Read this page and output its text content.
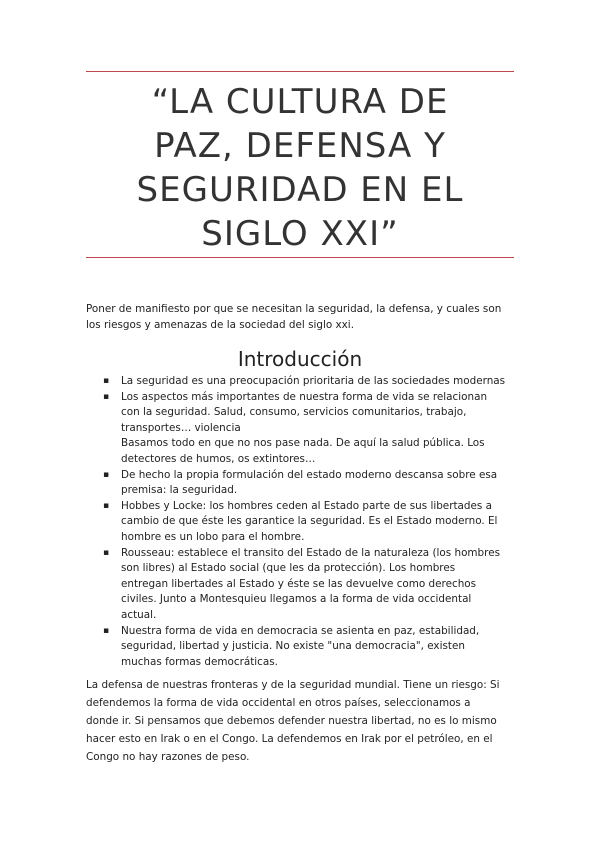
“LA CULTURA DE
PAZ, DEFENSA Y
SEGURIDAD EN EL
SIGLO XXI”

Poner de manifiesto por que se necesitan la seguridad, la defensa, y cuales son
los riesgos y amenazas de la sociedad del siglo xxi.

Introducción
▪ La seguridad es una preocupación prioritaria de las sociedades modernas
▪ Los aspectos más importantes de nuestra forma de vida se relacionan
con la seguridad. Salud, consumo, servicios comunitarios, trabajo,
transportes… violencia
Basamos todo en que no nos pase nada. De aquí la salud pública. Los
detectores de humos, os extintores…
▪ De hecho la propia formulación del estado moderno descansa sobre esa
premisa: la seguridad.
▪ Hobbes y Locke: los hombres ceden al Estado parte de sus libertades a
cambio de que éste les garantice la seguridad. Es el Estado moderno. El
hombre es un lobo para el hombre.
▪ Rousseau: establece el transito del Estado de la naturaleza (los hombres
son libres) al Estado social (que les da protección). Los hombres
entregan libertades al Estado y éste se las devuelve como derechos
civiles. Junto a Montesquieu llegamos a la forma de vida occidental
actual.
▪ Nuestra forma de vida en democracia se asienta en paz, estabilidad,
seguridad, libertad y justicia. No existe "una democracia", existen
muchas formas democráticas.

La defensa de nuestras fronteras y de la seguridad mundial. Tiene un riesgo: Si
defendemos la forma de vida occidental en otros países, seleccionamos a
donde ir. Si pensamos que debemos defender nuestra libertad, no es lo mismo
hacer esto en Irak o en el Congo. La defendemos en Irak por el petróleo, en el
Congo no hay razones de peso.
